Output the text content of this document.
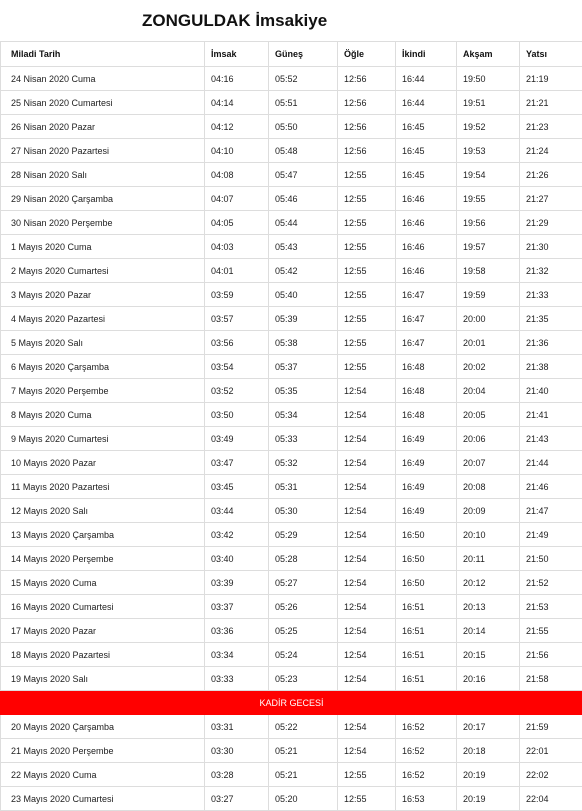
ZONGULDAK İmsakiye
Miladi Tarih	İmsak	Güneş	Öğle	İkindi	Akşam	Yatsı
24 Nisan 2020 Cuma	04:16	05:52	12:56	16:44	19:50	21:19
25 Nisan 2020 Cumartesi	04:14	05:51	12:56	16:44	19:51	21:21
26 Nisan 2020 Pazar	04:12	05:50	12:56	16:45	19:52	21:23
27 Nisan 2020 Pazartesi	04:10	05:48	12:56	16:45	19:53	21:24
28 Nisan 2020 Salı	04:08	05:47	12:55	16:45	19:54	21:26
29 Nisan 2020 Çarşamba	04:07	05:46	12:55	16:46	19:55	21:27
30 Nisan 2020 Perşembe	04:05	05:44	12:55	16:46	19:56	21:29
1 Mayıs 2020 Cuma	04:03	05:43	12:55	16:46	19:57	21:30
2 Mayıs 2020 Cumartesi	04:01	05:42	12:55	16:46	19:58	21:32
3 Mayıs 2020 Pazar	03:59	05:40	12:55	16:47	19:59	21:33
4 Mayıs 2020 Pazartesi	03:57	05:39	12:55	16:47	20:00	21:35
5 Mayıs 2020 Salı	03:56	05:38	12:55	16:47	20:01	21:36
6 Mayıs 2020 Çarşamba	03:54	05:37	12:55	16:48	20:02	21:38
7 Mayıs 2020 Perşembe	03:52	05:35	12:54	16:48	20:04	21:40
8 Mayıs 2020 Cuma	03:50	05:34	12:54	16:48	20:05	21:41
9 Mayıs 2020 Cumartesi	03:49	05:33	12:54	16:49	20:06	21:43
10 Mayıs 2020 Pazar	03:47	05:32	12:54	16:49	20:07	21:44
11 Mayıs 2020 Pazartesi	03:45	05:31	12:54	16:49	20:08	21:46
12 Mayıs 2020 Salı	03:44	05:30	12:54	16:49	20:09	21:47
13 Mayıs 2020 Çarşamba	03:42	05:29	12:54	16:50	20:10	21:49
14 Mayıs 2020 Perşembe	03:40	05:28	12:54	16:50	20:11	21:50
15 Mayıs 2020 Cuma	03:39	05:27	12:54	16:50	20:12	21:52
16 Mayıs 2020 Cumartesi	03:37	05:26	12:54	16:51	20:13	21:53
17 Mayıs 2020 Pazar	03:36	05:25	12:54	16:51	20:14	21:55
18 Mayıs 2020 Pazartesi	03:34	05:24	12:54	16:51	20:15	21:56
19 Mayıs 2020 Salı	03:33	05:23	12:54	16:51	20:16	21:58
KADİR GECESİ						
20 Mayıs 2020 Çarşamba	03:31	05:22	12:54	16:52	20:17	21:59
21 Mayıs 2020 Perşembe	03:30	05:21	12:54	16:52	20:18	22:01
22 Mayıs 2020 Cuma	03:28	05:21	12:55	16:52	20:19	22:02
23 Mayıs 2020 Cumartesi	03:27	05:20	12:55	16:53	20:19	22:04
